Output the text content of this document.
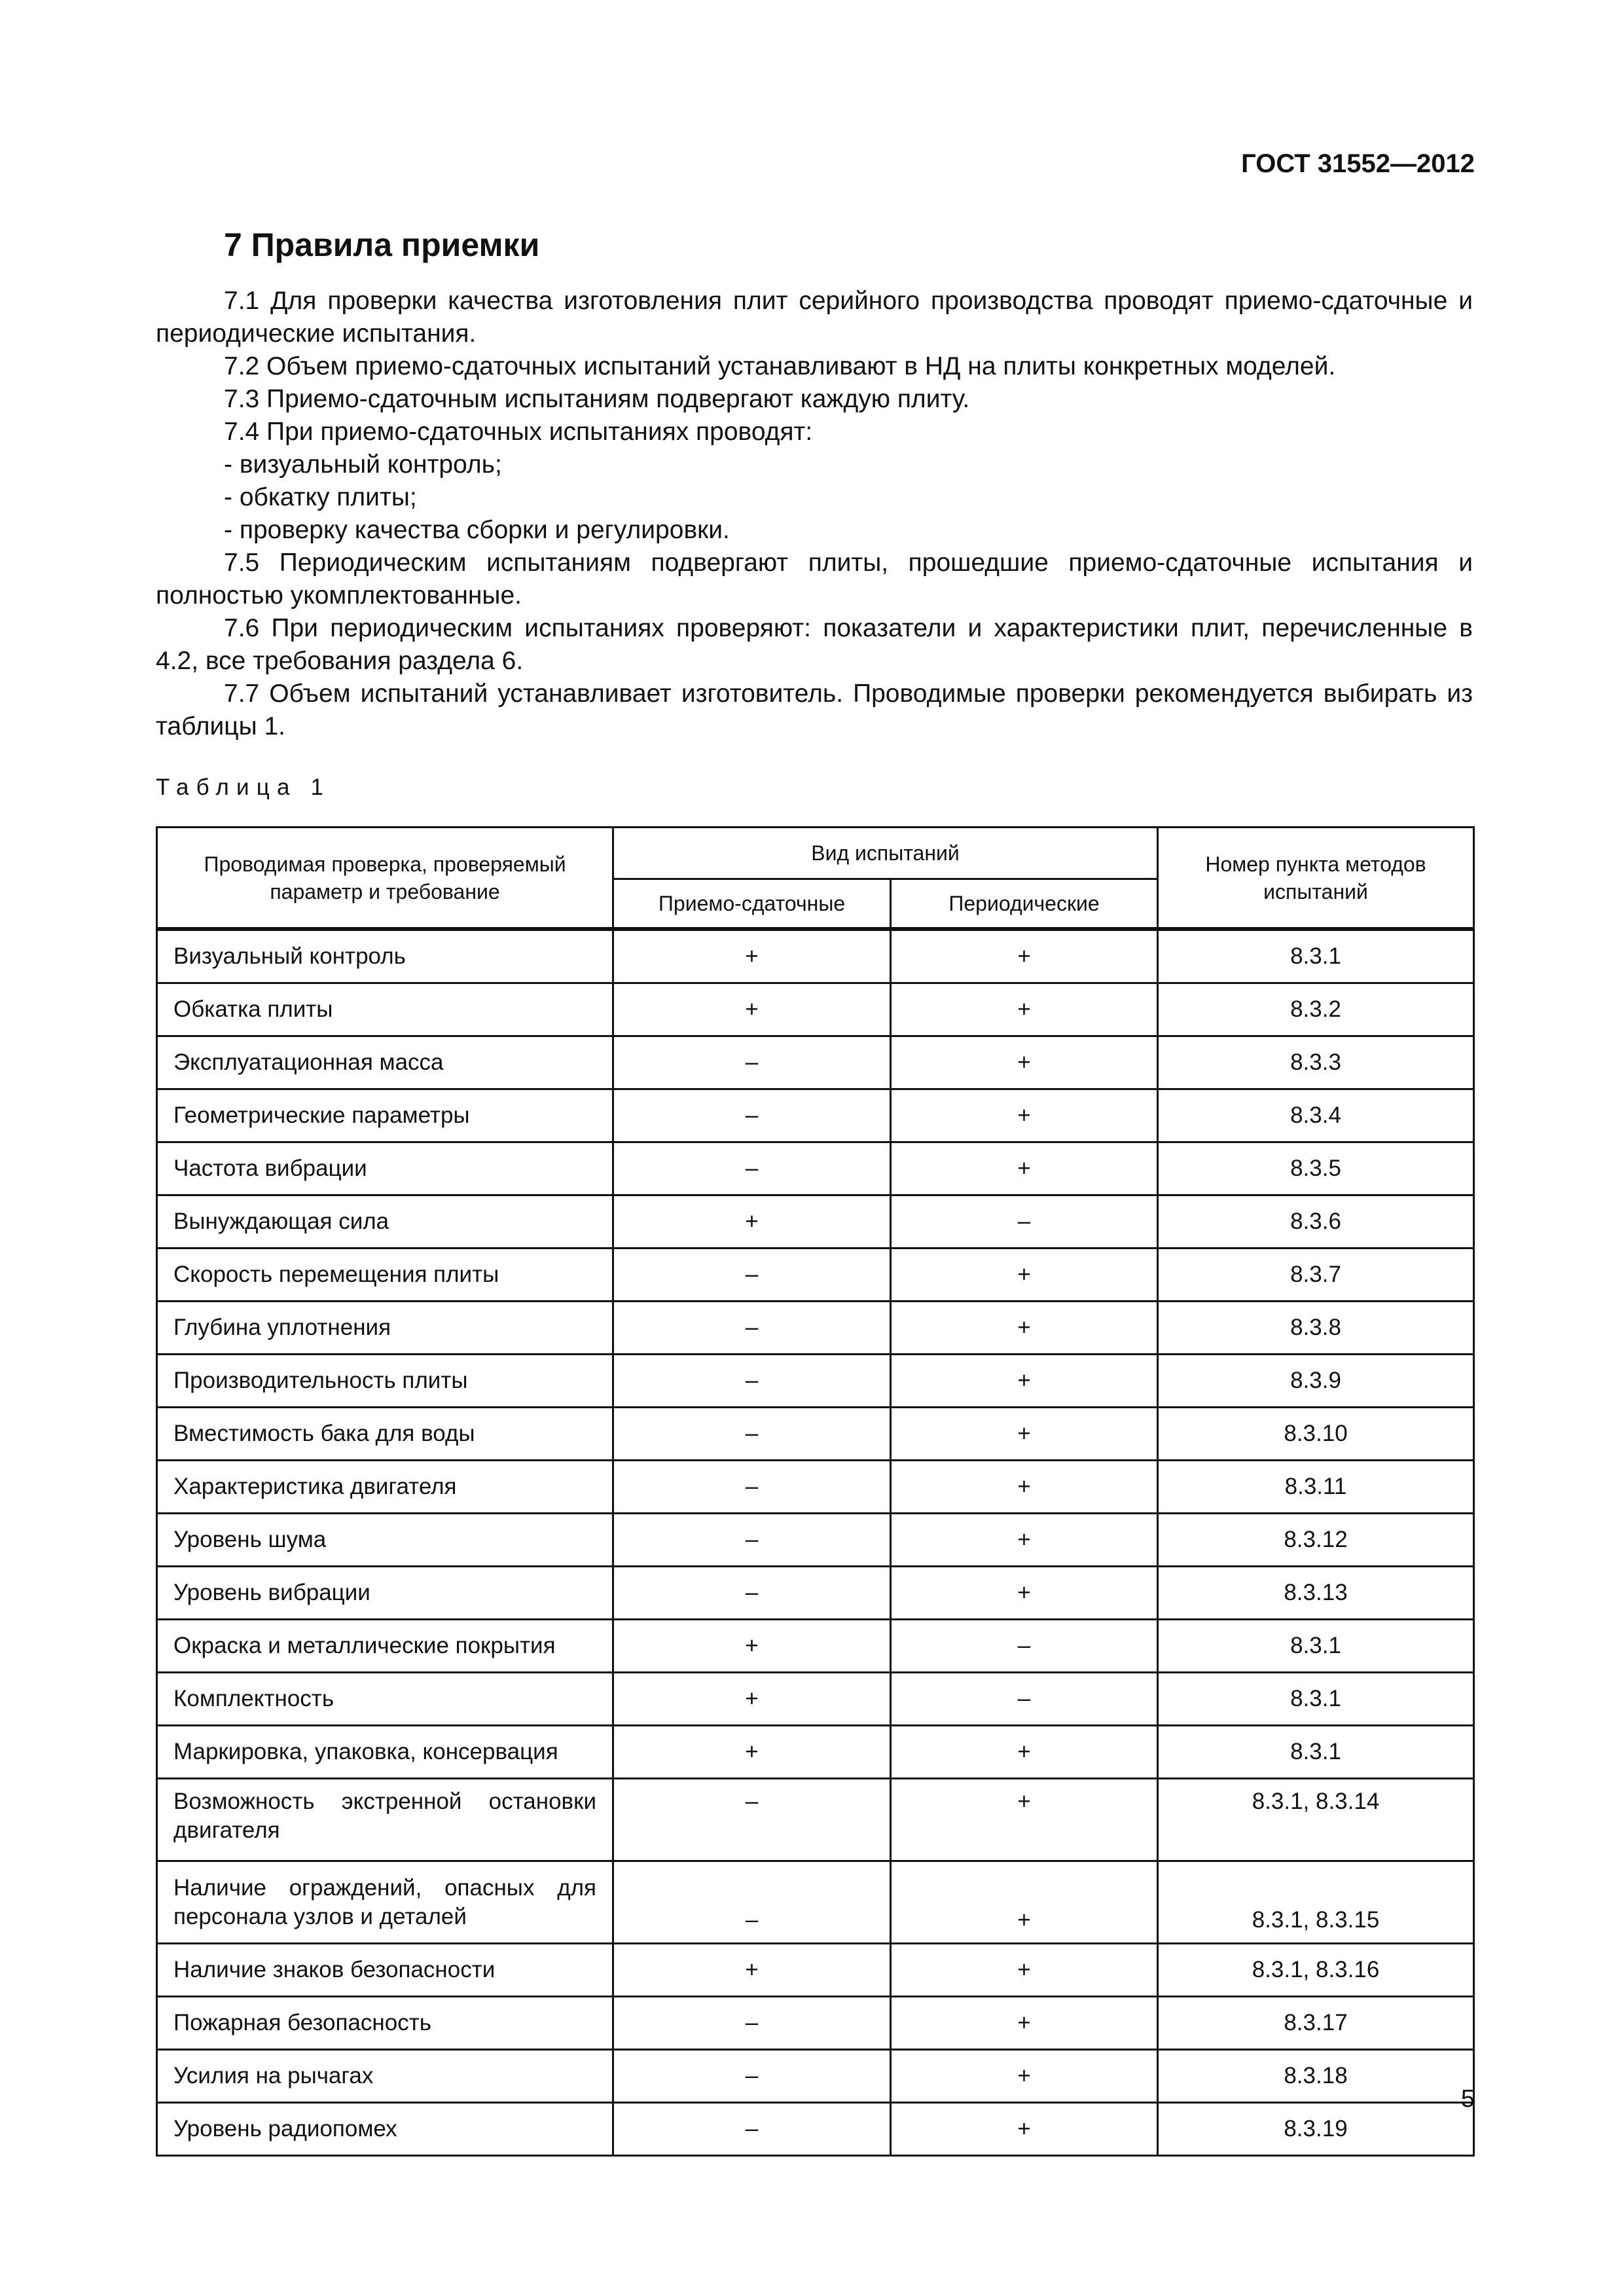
ГОСТ 31552—2012
7 Правила приемки

7.1 Для проверки качества изготовления плит серийного производства проводят приемо-сдаточные и периодические испытания.

7.2 Объем приемо-сдаточных испытаний устанавливают в НД на плиты конкретных моделей.

7.3 Приемо-сдаточным испытаниям подвергают каждую плиту.

7.4 При приемо-сдаточных испытаниях проводят:

- визуальный контроль;

- обкатку плиты;

- проверку качества сборки и регулировки.

7.5 Периодическим испытаниям подвергают плиты, прошедшие приемо-сдаточные испытания и полностью укомплектованные.

7.6 При периодическим испытаниях проверяют: показатели и характеристики плит, перечисленные в 4.2, все требования раздела 6.

7.7 Объем испытаний устанавливает изготовитель. Проводимые проверки рекомендуется выбирать из таблицы 1.

Таблица 1
Проводимая проверка, проверяемый параметр и требование	Вид испытаний		Номер пункта методов испытаний
	Приемо-сдаточные	Периодические	
Визуальный контроль	+	+	8.3.1
Обкатка плиты	+	+	8.3.2
Эксплуатационная масса	–	+	8.3.3
Геометрические параметры	–	+	8.3.4
Частота вибрации	–	+	8.3.5
Вынуждающая сила	+	–	8.3.6
Скорость перемещения плиты	–	+	8.3.7
Глубина уплотнения	–	+	8.3.8
Производительность плиты	–	+	8.3.9
Вместимость бака для воды	–	+	8.3.10
Характеристика двигателя	–	+	8.3.11
Уровень шума	–	+	8.3.12
Уровень вибрации	–	+	8.3.13
Окраска и металлические покрытия	+	–	8.3.1
Комплектность	+	–	8.3.1
Маркировка, упаковка, консервация	+	+	8.3.1
Возможность экстренной остановки двигателя	–	+	8.3.1, 8.3.14
Наличие ограждений, опасных для персонала узлов и деталей	–	+	8.3.1, 8.3.15
Наличие знаков безопасности	+	+	8.3.1, 8.3.16
Пожарная безопасность	–	+	8.3.17
Усилия на рычагах	–	+	8.3.18
Уровень радиопомех	–	+	8.3.19
5
